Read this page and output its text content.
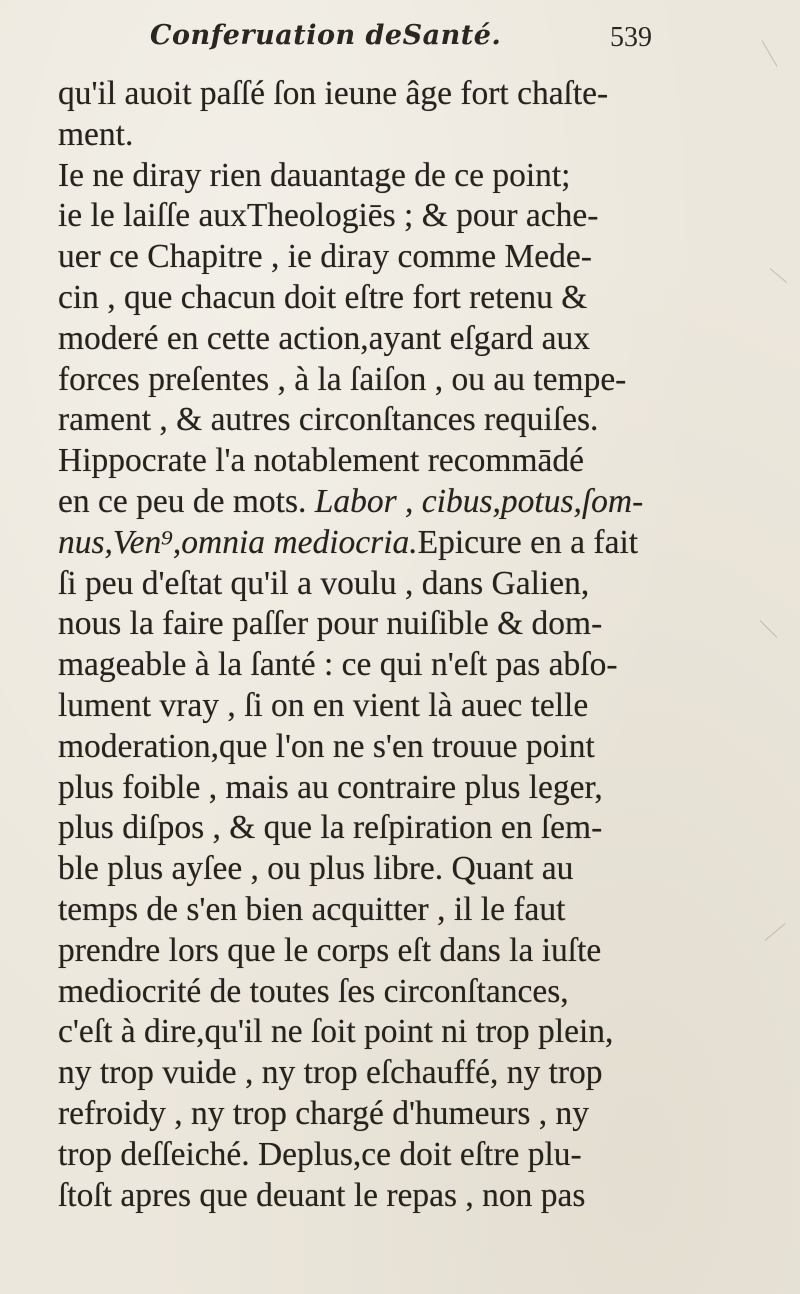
Conferuation deSanté.	539
qu'il auoit paſſé ſon ieune âge fort chaſte-
ment.
Ie ne diray rien dauantage de ce point;
ie le laiſſe auxTheologiēs ; & pour ache-
uer ce Chapitre , ie diray comme Mede-
cin , que chacun doit eſtre fort retenu &
moderé en cette action,ayant eſgard aux
forces preſentes , à la ſaiſon , ou au tempe-
rament , & autres circonſtances requiſes.
Hippocrate l'a notablement recommādé
en ce peu de mots. Labor , cibus,potus,ſom-
nus,Ven⁹,omnia mediocria.Epicure en a fait
ſi peu d'eſtat qu'il a voulu , dans Galien,
nous la faire paſſer pour nuiſible & dom-
mageable à la ſanté : ce qui n'eſt pas abſo-
lument vray , ſi on en vient là auec telle
moderation,que l'on ne s'en trouue point
plus foible , mais au contraire plus leger,
plus diſpos , & que la reſpiration en ſem-
ble plus ayſee , ou plus libre. Quant au
temps de s'en bien acquitter , il le faut
prendre lors que le corps eſt dans la iuſte
mediocrité de toutes ſes circonſtances,
c'eſt à dire,qu'il ne ſoit point ni trop plein,
ny trop vuide , ny trop eſchauffé, ny trop
refroidy , ny trop chargé d'humeurs , ny
trop deſſeiché. Deplus,ce doit eſtre plu-
ſtoſt apres que deuant le repas , non pas
